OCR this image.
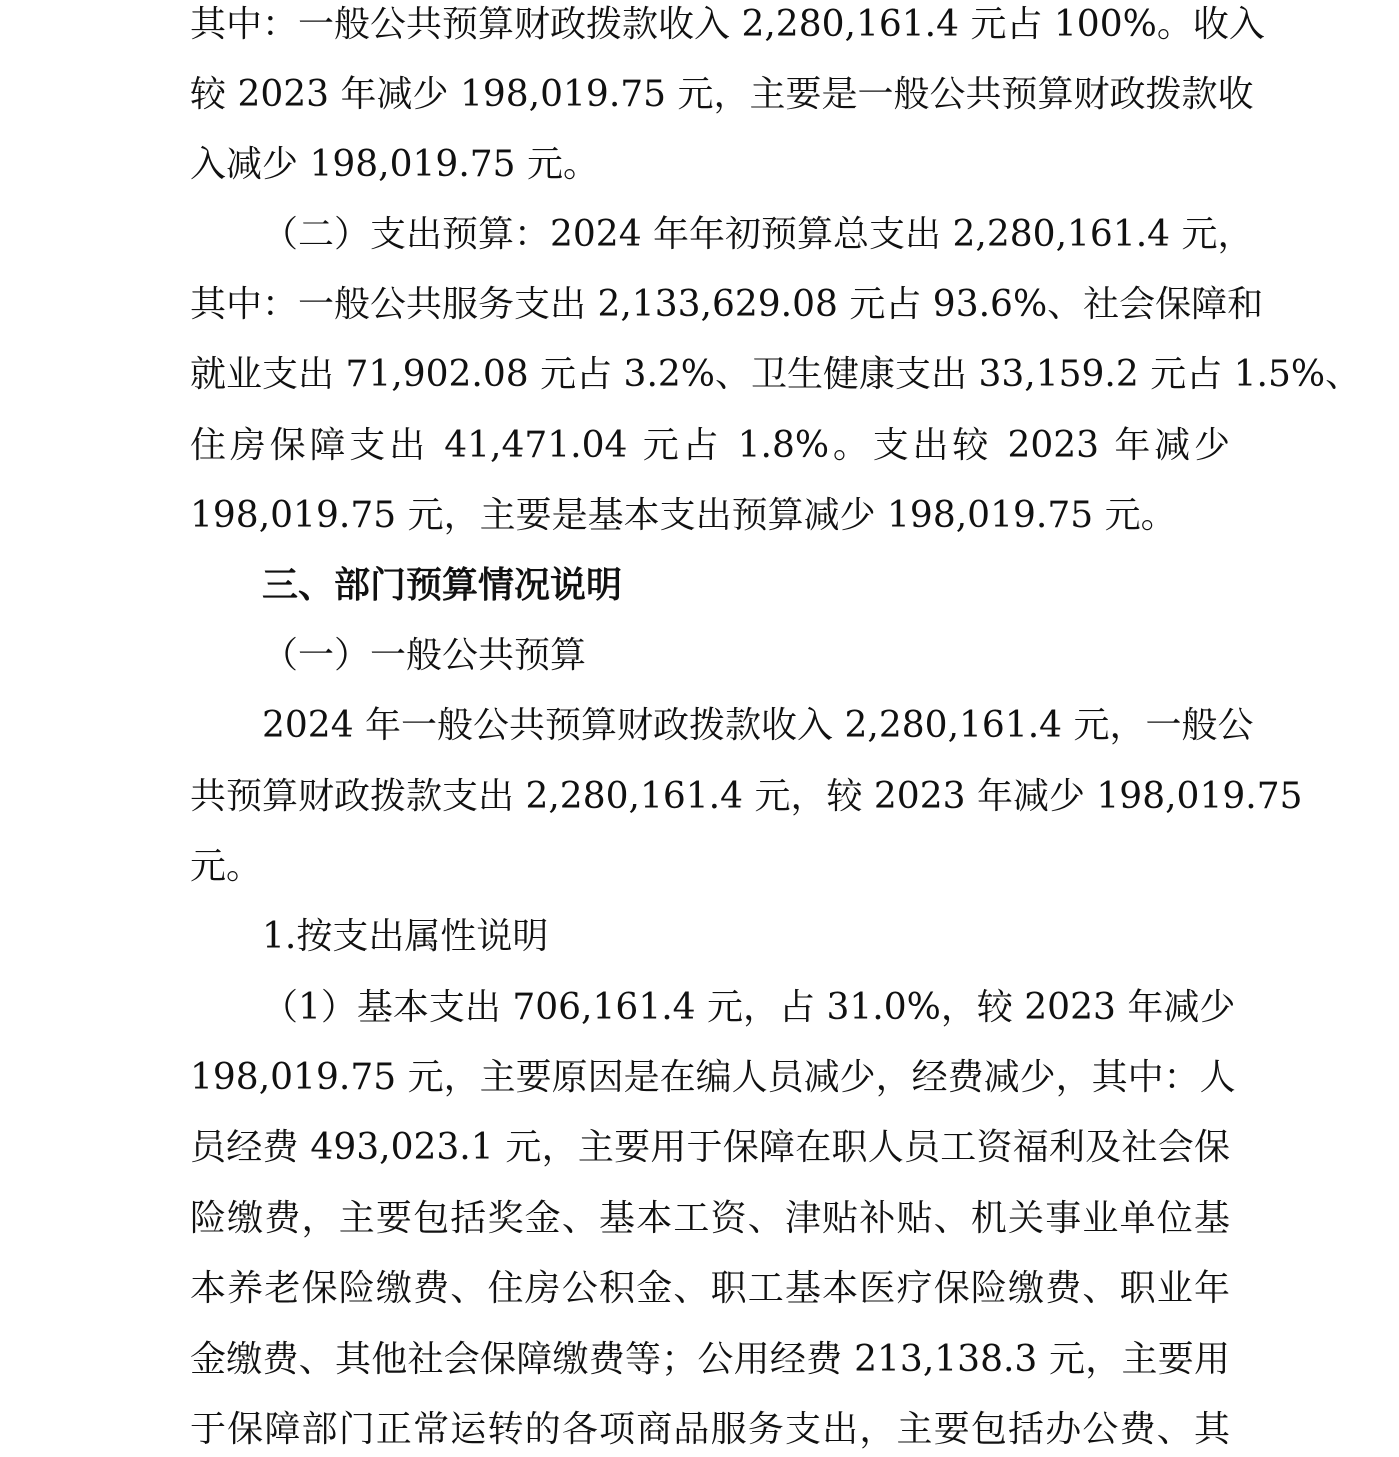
其中：一般公共预算财政拨款收入 2,280,161.4 元占 100%。收入
较 2023 年减少 198,019.75 元，主要是一般公共预算财政拨款收
入减少 198,019.75 元。
（二）支出预算：2024 年年初预算总支出 2,280,161.4 元，
其中：一般公共服务支出 2,133,629.08 元占 93.6%、社会保障和
就业支出 71,902.08 元占 3.2%、卫生健康支出 33,159.2 元占 1.5%、
住房保障支出 41,471.04 元占 1.8%。支出较 2023 年减少
198,019.75 元，主要是基本支出预算减少 198,019.75 元。
三、部门预算情况说明
（一）一般公共预算
2024 年一般公共预算财政拨款收入 2,280,161.4 元，一般公
共预算财政拨款支出 2,280,161.4 元，较 2023 年减少 198,019.75
元。
1.按支出属性说明
（1）基本支出 706,161.4 元，占 31.0%，较 2023 年减少
198,019.75 元，主要原因是在编人员减少，经费减少，其中：人
员经费 493,023.1 元，主要用于保障在职人员工资福利及社会保
险缴费，主要包括奖金、基本工资、津贴补贴、机关事业单位基
本养老保险缴费、住房公积金、职工基本医疗保险缴费、职业年
金缴费、其他社会保障缴费等；公用经费 213,138.3 元，主要用
于保障部门正常运转的各项商品服务支出，主要包括办公费、其
